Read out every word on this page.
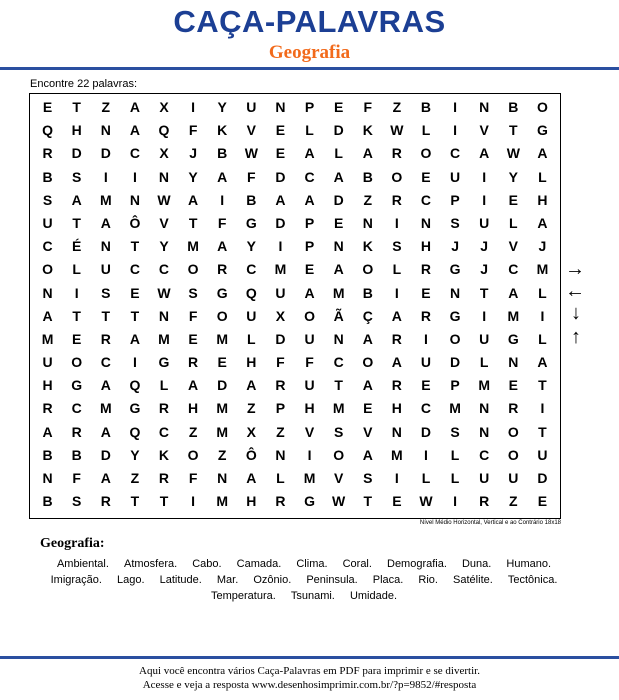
CAÇA-PALAVRAS
Geografia
Encontre 22 palavras:
E	T	Z	A	X	I	Y	U	N	P	E	F	Z	B	I	N	B	O
Q	H	N	A	Q	F	K	V	E	L	D	K	W	L	I	V	T	G
R	D	D	C	X	J	B	W	E	A	L	A	R	O	C	A	W	A
B	S	I	I	N	Y	A	F	D	C	A	B	O	E	U	I	Y	L
S	A	M	N	W	A	I	B	A	A	D	Z	R	C	P	I	E	H
U	T	A	Ô	V	T	F	G	D	P	E	N	I	N	S	U	L	A
C	É	N	T	Y	M	A	Y	I	P	N	K	S	H	J	J	V	J
O	L	U	C	C	O	R	C	M	E	A	O	L	R	G	J	C	M
N	I	S	E	W	S	G	Q	U	A	M	B	I	E	N	T	A	L
A	T	T	T	N	F	O	U	X	O	Ã	Ç	A	R	G	I	M	I
M	E	R	A	M	E	M	L	D	U	N	A	R	I	O	U	G	L
U	O	C	I	G	R	E	H	F	F	C	O	A	U	D	L	N	A
H	G	A	Q	L	A	D	A	R	U	T	A	R	E	P	M	E	T
R	C	M	G	R	H	M	Z	P	H	M	E	H	C	M	N	R	I
A	R	A	Q	C	Z	M	X	Z	V	S	V	N	D	S	N	O	T
B	B	D	Y	K	O	Z	Ô	N	I	O	A	M	I	L	C	O	U
N	F	A	Z	R	F	N	A	L	M	V	S	I	L	L	U	U	D
B	S	R	T	T	I	M	H	R	G	W	T	E	W	I	R	Z	E
Nível Médio Horizontal, Vertical e ao Contrário 18x18
→
←
↓
↑
Geografia:
Ambiental. Atmosfera. Cabo. Camada. Clima. Coral. Demografia. Duna. Humano. Imigração. Lago. Latitude. Mar. Ozônio. Peninsula. Placa. Rio. Satélite. Tectônica. Temperatura. Tsunami. Umidade.
Aqui você encontra vários Caça-Palavras em PDF para imprimir e se divertir.
Acesse e veja a resposta www.desenhosimprimir.com.br/?p=9852/#resposta
